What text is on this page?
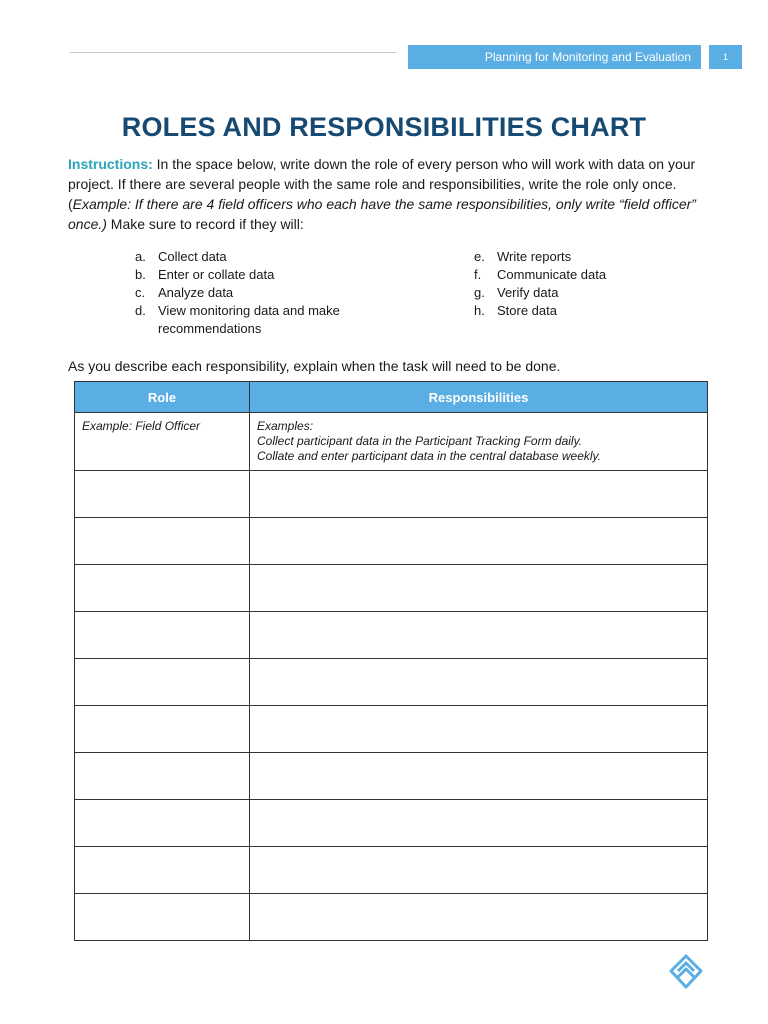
Planning for Monitoring and Evaluation	1
ROLES AND RESPONSIBILITIES CHART
Instructions: In the space below, write down the role of every person who will work with data on your project. If there are several people with the same role and responsibilities, write the role only once. (Example: If there are 4 field officers who each have the same responsibilities, only write “field officer” once.) Make sure to record if they will:
a. Collect data
b. Enter or collate data
c. Analyze data
d. View monitoring data and make recommendations
e. Write reports
f.	Communicate data
g. Verify data
h. Store data
As you describe each responsibility, explain when the task will need to be done.
Role	Responsibilities
Example: Field Officer	Examples:
Collect participant data in the Participant Tracking Form daily.
Collate and enter participant data in the central database weekly.
